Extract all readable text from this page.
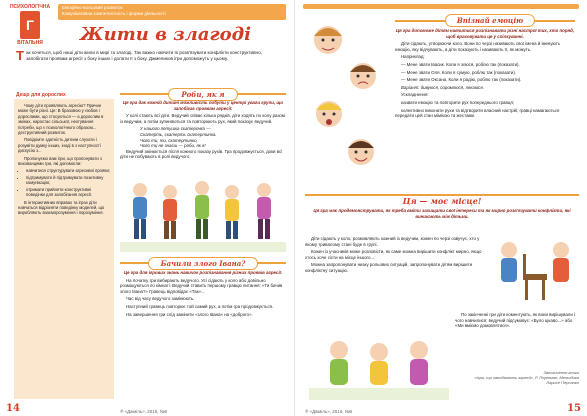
ПСИХОЛОГІЧНА
Г
ВІТАЛЬНЯ
Емоційно-вольовий розвиток
Комунікативна компетентність і форми діяльності
Жити в злагоді
Т ак хочеться, щоб наші діти жили в мирі та злагоді. Так важко навчити їх розв'язувати конфлікти конструктивно, запобігати проявам агресії з боку інших і долати її з боку. Джмеликов ігри допоможуть у цьому.
Дещо для дорослих

Чому діти проявляють агресію? Причин може бути різні. Це: В бразовою у любов і дорослими, що стосуються — а дорослим в змінах, наростає сільської, нехтування потреби, що є психологічного образою... деструктивний розвиток.

Повідомте здатність дитини слухати і розуміти думку інших, іноді в з наступності дискусію з...

Пропонуємо вам ігри, що пропонувати з вихованцями гри, які допомогли:

• навчитися структурувати агресивні прояви;
• підтримувати й підтримувати позитивну комунікацію;
• отримати прийняти конструктивні поведінки для запобігання агресії.

В інтерактивних вправах та іграх діти навчаться відрізняти поведінку моделей, що виробляють взаєморозуміння і порозуміння.

Роби, як я

Це гра дає кожній дитині можливість побути у центрі уваги групи, що запобігає проявам агресії.

У колі стають всі діти. Ведучий співає кілька рядків, діти ходять по колу разом із ведучим, а потім зупиняються та повторюють рух, який показує ведучий.

У нашого петушка скатерочка —
Скатерть, скатерть скатертинка.
Чого ти, ти, скатертинко,
Чого ти не знаєш — роби, як я!

Ведучий змінюється після кожного показу рухів. Гра продовжується, доки всі діти не побувають в ролі ведучого.

Бачили злого Івана?

Це гра для ігрових знань навичок розпізнавання різних проявів агресії.

На початку гри вибирають ведучого. Усі сідають у коло або довільно розміщуються по кімнаті. Ведучий ставить першому гравцю питання: «Ти бачив злого Івана?» Гравець відповідає «Так»...

Час від часу ведучого замінюють.

Наступний гравець повторює той самий рух, а потім гра продовжується.

На завершення гри слід замінити «злого Івана» на «доброго».

14	® «Джміль», 2016, №9
Впізнай емоцію

Ця гра допоможе дітям навчитися розпізнавати різні настрої тих, хто поряд, щоб враховувати це у спілкуванні.

Діти сідають, утворюючи коло. Вони по черзі називають свої імена й іменують емоцію, яку відчувають, а діти показують і називають її, як можуть.

Наприклад:

— Мене звати Івасик. Коли я злюся, роблю так (показати).

— Мене звати Оля. Коли я сумую, роблю так (показати).

— Мене звати Оксана. Коли я радію, роблю так (показати).

Варіант: дивуюся, соромлюся, лякаюся.

Ускладнення:

назвати емоцію та повторити рух попереднього гравця;

колективно виконати рухи та відтворити власний настрій, гравці намагаються передати цей стан мімікою та жестами.

Ця — моє місце!

Ця гра має продемонструвати, як треба вміти захищати свої інтереси та як мирно розв'язувати конфлікти, які виникають між дітьми.

Діти сідають у коло, розмовляють кожний із ведучим, кожен по черзі озвучує, хто у якому тривалому стані буде в групі.

Кожен із учасників може розповісти, як саме можна вирішити конфлікт мирно, якщо хтось хоче сісти на місце іншого...

Можна запропонувати низку рольових ситуацій, запропонувати дітям вирішити конфліктну ситуацію.

По закінченні гри діти коментують, як вони вирішували і чого навчилися; ведучий підсумовує: «Було цікаво...» або «Ми вміємо домовлятися».

Запозичення книги
«Ігри, що запобігають агресії», Р. Портман; Методика Ларисе Персанко
® «Джміль», 2016, №9	15
